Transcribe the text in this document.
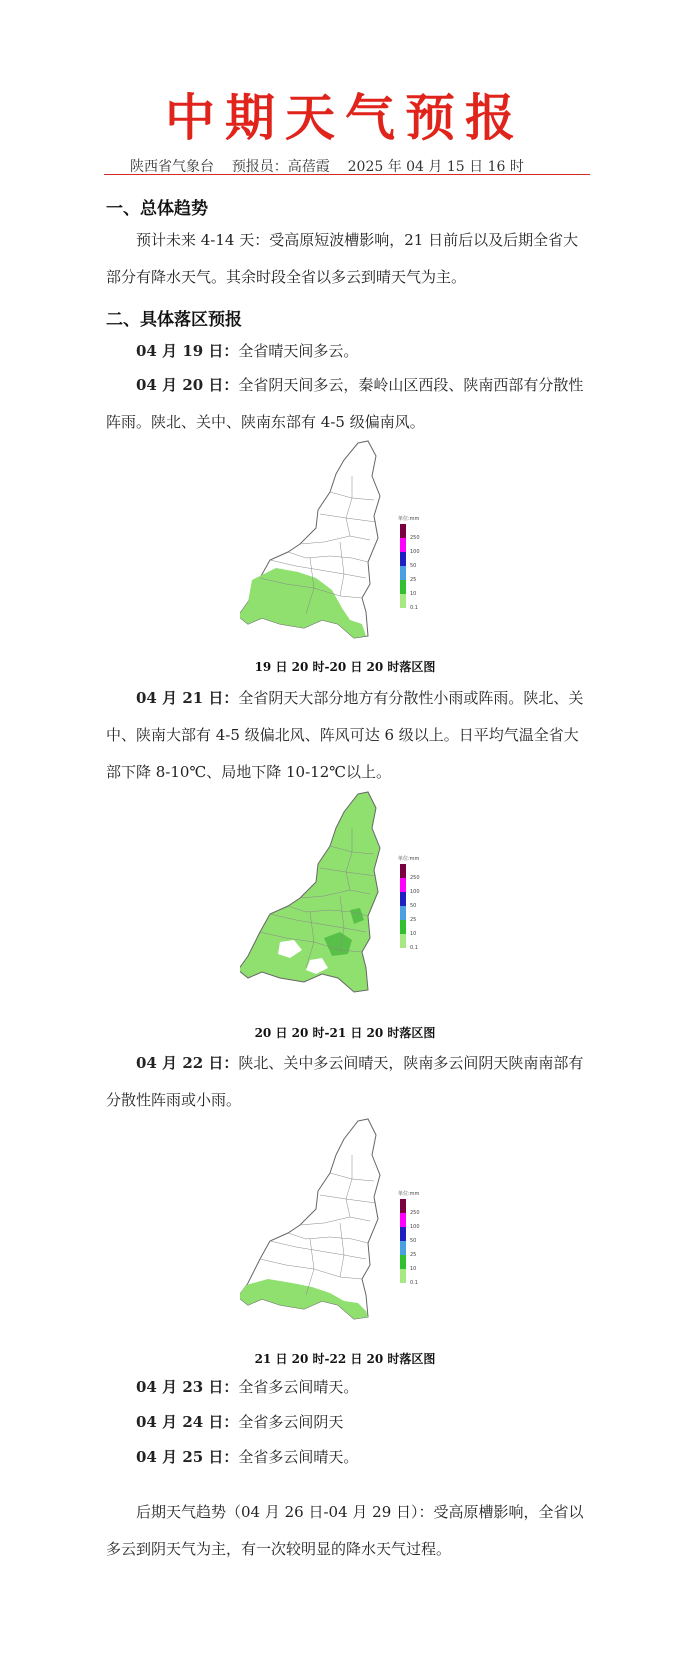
中期天气预报
陕西省气象台 预报员：高蓓霞 2025 年 04 月 15 日 16 时
一、总体趋势
预计未来 4-14 天：受高原短波槽影响，21 日前后以及后期全省大部分有降水天气。其余时段全省以多云到晴天气为主。
二、具体落区预报
04 月 19 日：全省晴天间多云。
04 月 20 日：全省阴天间多云，秦岭山区西段、陕南西部有分散性阵雨。陕北、关中、陕南东部有 4-5 级偏南风。
单位:mm
250
100
50
25
10
0.1
19 日 20 时-20 日 20 时落区图
04 月 21 日：全省阴天大部分地方有分散性小雨或阵雨。陕北、关中、陕南大部有 4-5 级偏北风、阵风可达 6 级以上。日平均气温全省大部下降 8-10℃、局地下降 10-12℃以上。
单位:mm
250
100
50
25
10
0.1
20 日 20 时-21 日 20 时落区图
04 月 22 日：陕北、关中多云间晴天，陕南多云间阴天陕南南部有分散性阵雨或小雨。
单位:mm
250
100
50
25
10
0.1
21 日 20 时-22 日 20 时落区图
04 月 23 日：全省多云间晴天。
04 月 24 日：全省多云间阴天
04 月 25 日：全省多云间晴天。
后期天气趋势（04 月 26 日-04 月 29 日）：受高原槽影响，全省以多云到阴天气为主，有一次较明显的降水天气过程。
